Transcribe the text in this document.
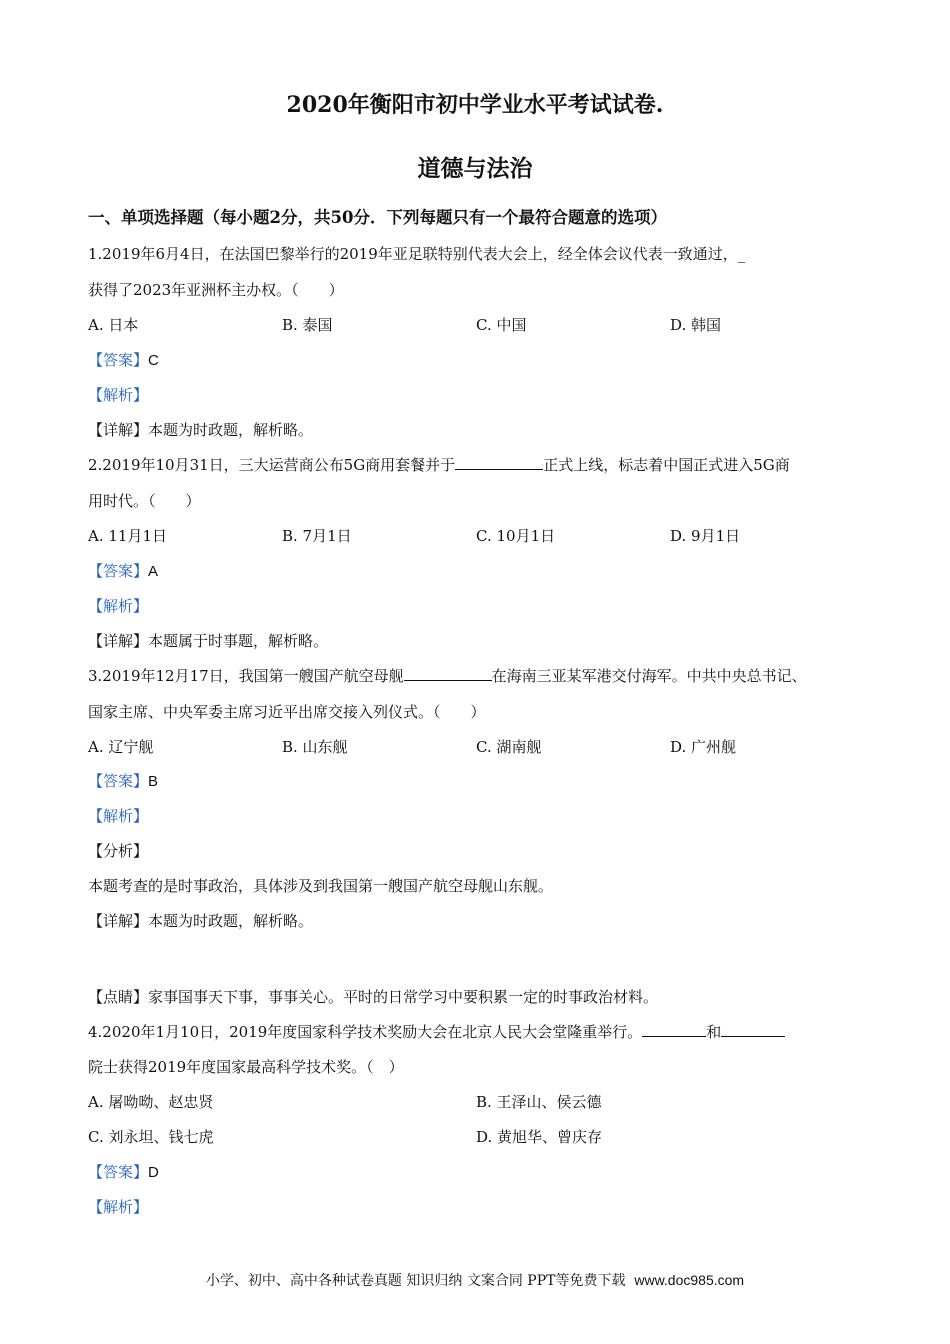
2020年衡阳市初中学业水平考试试卷.
道德与法治
一、单项选择题（每小题2分，共50分．下列每题只有一个最符合题意的选项）
1.2019年6月4日，在法国巴黎举行的2019年亚足联特别代表大会上，经全体会议代表一致通过，_
获得了2023年亚洲杯主办权。（　　）
A. 日本	B. 泰国	C. 中国	D. 韩国
【答案】C
【解析】
【详解】本题为时政题，解析略。
2.2019年10月31日，三大运营商公布5G商用套餐并于	正式上线，标志着中国正式进入5G商
用时代。（　　）
A. 11月1日	B. 7月1日	C. 10月1日	D. 9月1日
【答案】A
【解析】
【详解】本题属于时事题，解析略。
3.2019年12月17日，我国第一艘国产航空母舰	在海南三亚某军港交付海军。中共中央总书记、
国家主席、中央军委主席习近平出席交接入列仪式。（　　）
A. 辽宁舰	B. 山东舰	C. 湖南舰	D. 广州舰
【答案】B
【解析】
【分析】
本题考查的是时事政治，具体涉及到我国第一艘国产航空母舰山东舰。
【详解】本题为时政题，解析略。
【点睛】家事国事天下事，事事关心。平时的日常学习中要积累一定的时事政治材料。
4.2020年1月10日，2019年度国家科学技术奖励大会在北京人民大会堂隆重举行。	和
院士获得2019年度国家最高科学技术奖。（　）
A. 屠呦呦、赵忠贤	B. 王泽山、侯云德
C. 刘永坦、钱七虎	D. 黄旭华、曾庆存
【答案】D
【解析】
小学、初中、高中各种试卷真题 知识归纳 文案合同 PPT等免费下载 www.doc985.com
